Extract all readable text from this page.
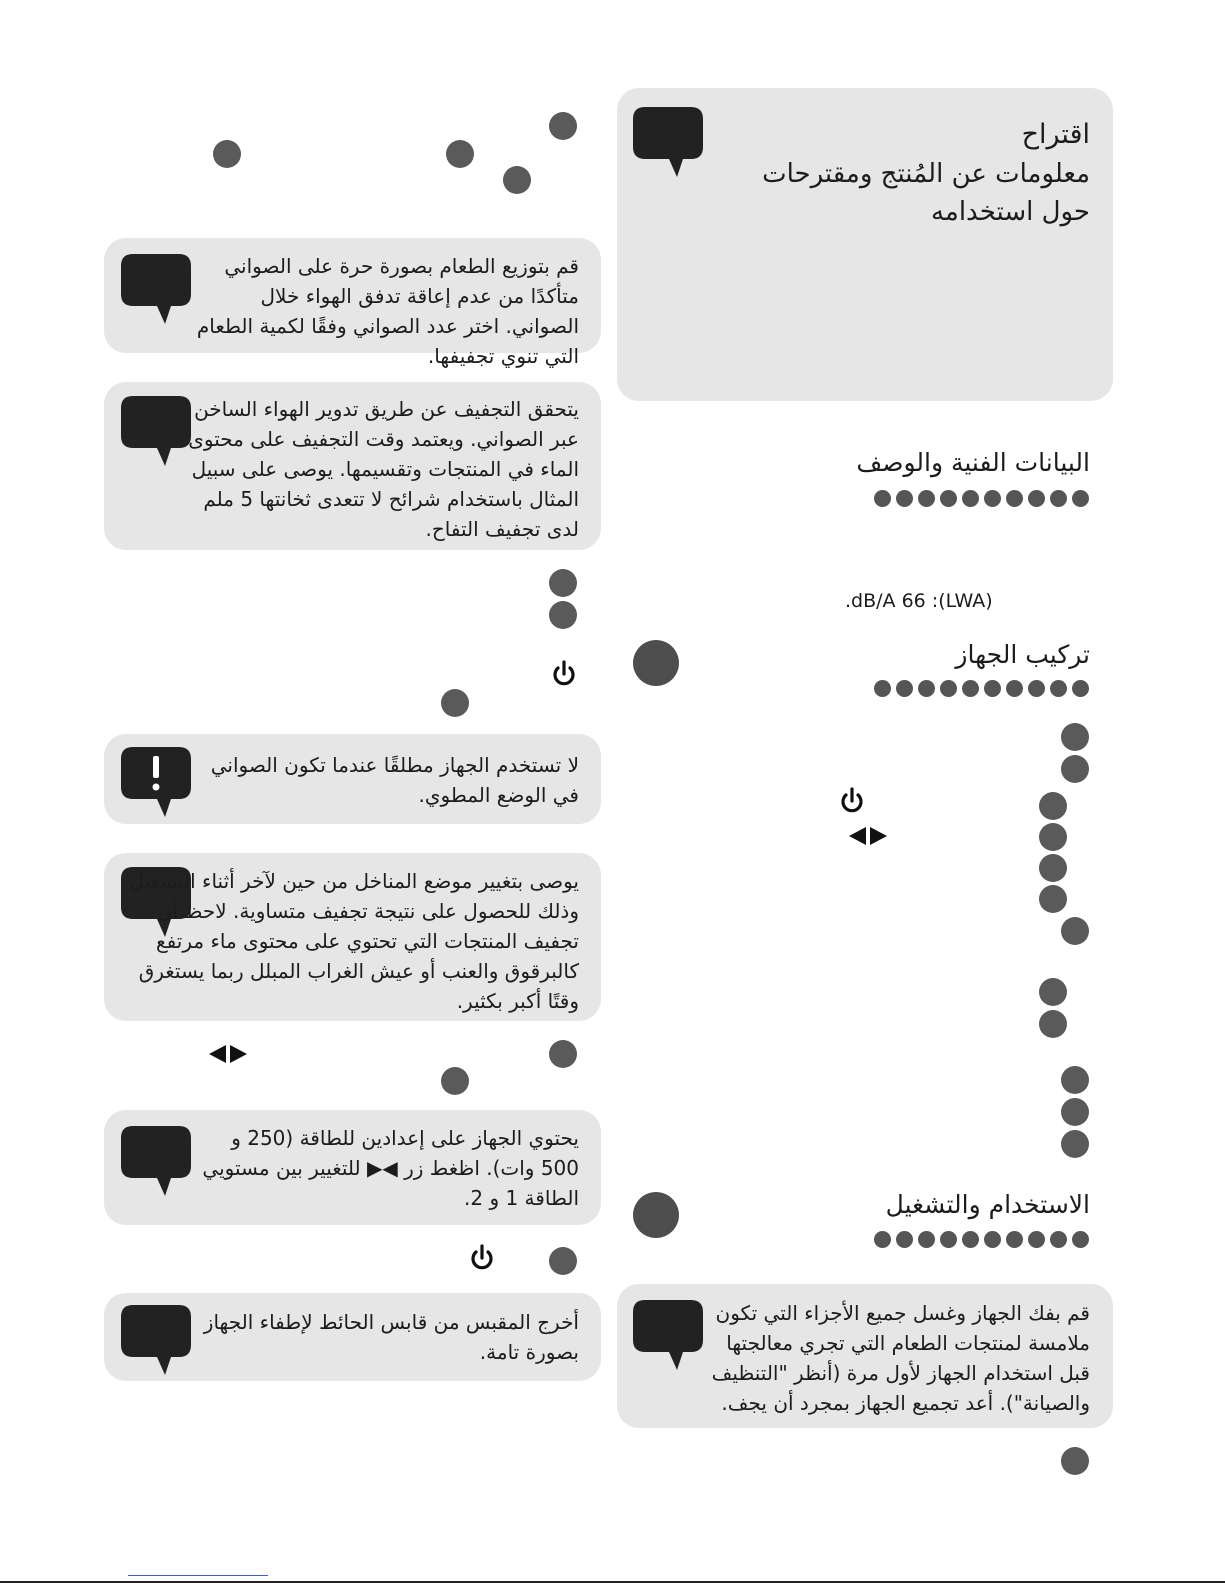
اقتراح
معلومات عن المُنتج ومقترحات حول استخدامه
البيانات الفنية والوصف
.dB/A 66 :(LWA)
تركيب الجهاز
الاستخدام والتشغيل
قم بفك الجهاز وغسل جميع الأجزاء التي تكون ملامسة لمنتجات الطعام التي تجري معالجتها قبل استخدام الجهاز لأول مرة (أنظر "التنظيف والصيانة"). أعد تجميع الجهاز بمجرد أن يجف.
قم بتوزيع الطعام بصورة حرة على الصواني متأكدًا من عدم إعاقة تدفق الهواء خلال الصواني. اختر عدد الصواني وفقًا لكمية الطعام التي تنوي تجفيفها.
يتحقق التجفيف عن طريق تدوير الهواء الساخن عبر الصواني. ويعتمد وقت التجفيف على محتوى الماء في المنتجات وتقسيمها. يوصى على سبيل المثال باستخدام شرائح لا تتعدى ثخانتها 5 ملم لدى تجفيف التفاح.
لا تستخدم الجهاز مطلقًا عندما تكون الصواني في الوضع المطوي.
يوصى بتغيير موضع المناخل من حين لآخر أثناء التشغيل وذلك للحصول على نتيجة تجفيف متساوية. لاحظ أن تجفيف المنتجات التي تحتوي على محتوى ماء مرتفع كالبرقوق والعنب أو عيش الغراب المبلل ربما يستغرق وقتًا أكبر بكثير.
يحتوي الجهاز على إعدادين للطاقة (250 و 500 وات). اظغط زر ◀▶ للتغيير بين مستويي الطاقة 1 و 2.
أخرج المقبس من قابس الحائط لإطفاء الجهاز بصورة تامة.
